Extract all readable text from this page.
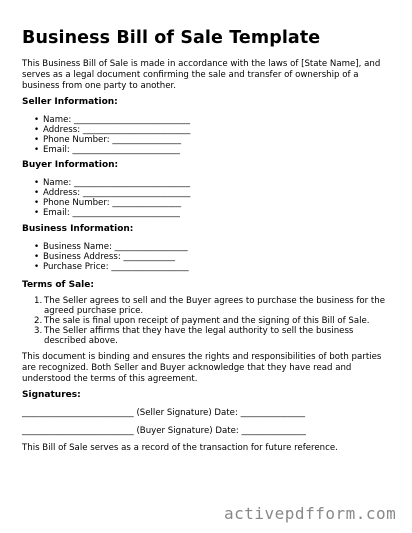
Business Bill of Sale Template

This Business Bill of Sale is made in accordance with the laws of [State Name], and serves as a legal document confirming the sale and transfer of ownership of a business from one party to another.

Seller Information:

• Name: ___________________________
• Address: _________________________
• Phone Number: ________________
• Email: _________________________

Buyer Information:

• Name: ___________________________
• Address: _________________________
• Phone Number: ________________
• Email: _________________________

Business Information:

• Business Name: _________________
• Business Address: ____________
• Purchase Price: __________________

Terms of Sale:

1. The Seller agrees to sell and the Buyer agrees to purchase the business for the agreed purchase price.
2. The sale is final upon receipt of payment and the signing of this Bill of Sale.
3. The Seller affirms that they have the legal authority to sell the business described above.

This document is binding and ensures the rights and responsibilities of both parties are recognized. Both Seller and Buyer acknowledge that they have read and understood the terms of this agreement.

Signatures:

__________________________ (Seller Signature) Date: _______________
__________________________ (Buyer Signature) Date: _______________

This Bill of Sale serves as a record of the transaction for future reference.

activepdfform.com
